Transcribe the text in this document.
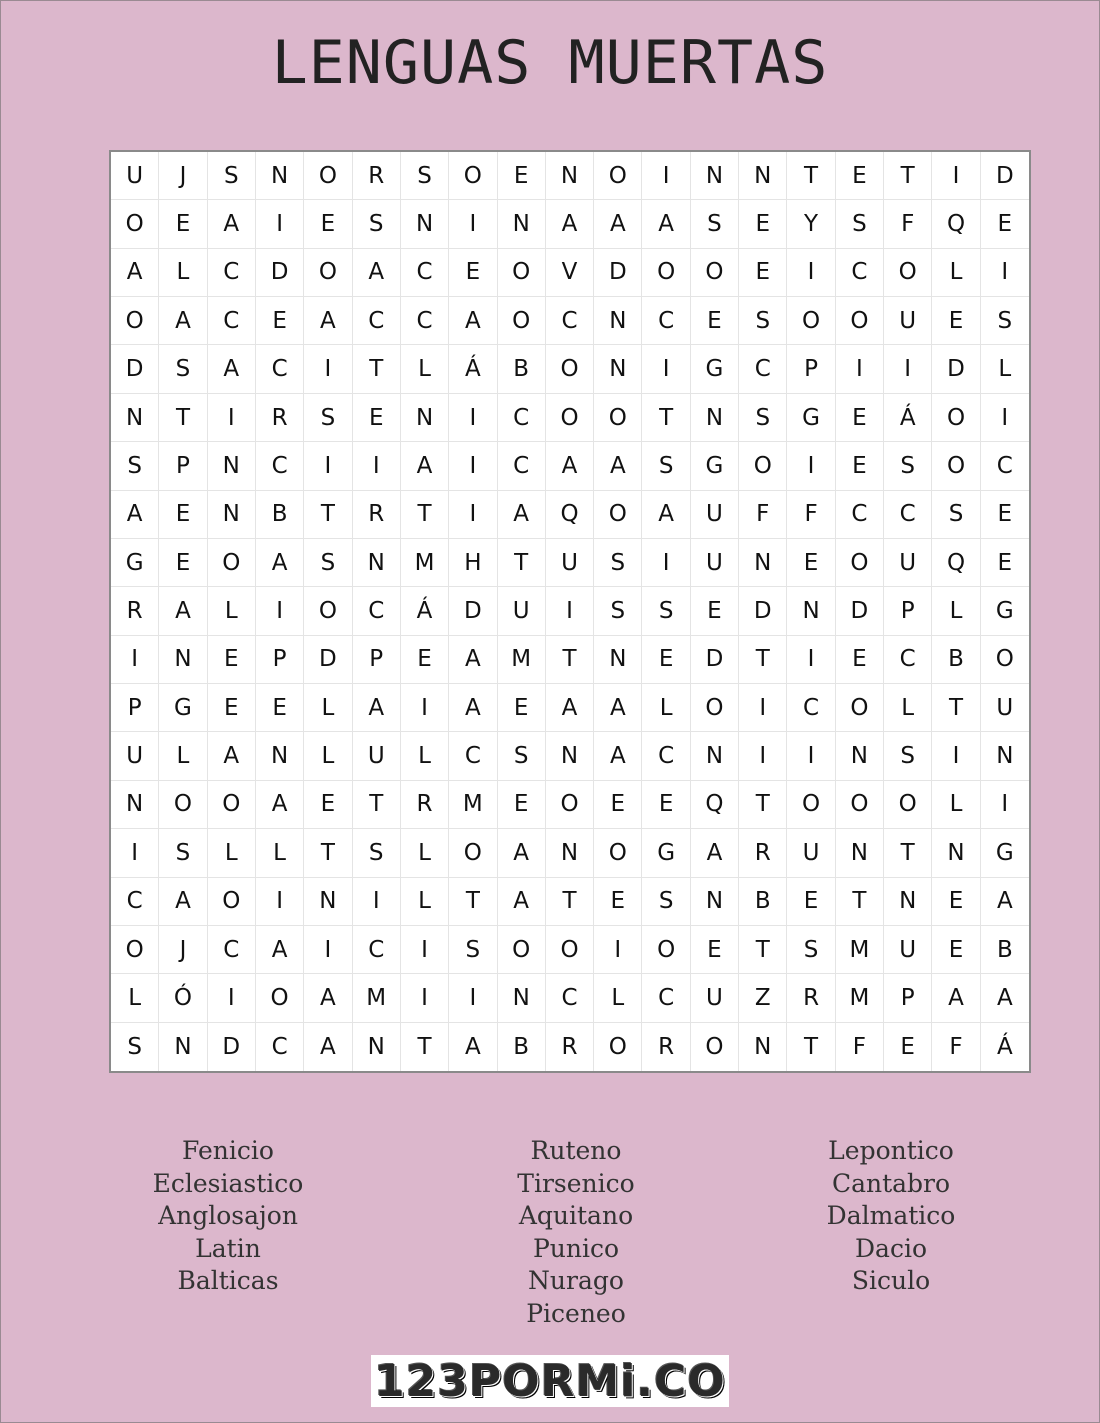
LENGUAS MUERTAS
U	J	S	N	O	R	S	O	E	N	O	I	N	N	T	E	T	I	D
O	E	A	I	E	S	N	I	N	A	A	A	S	E	Y	S	F	Q	E
A	L	C	D	O	A	C	E	O	V	D	O	O	E	I	C	O	L	I
O	A	C	E	A	C	C	A	O	C	N	C	E	S	O	O	U	E	S
D	S	A	C	I	T	L	Á	B	O	N	I	G	C	P	I	I	D	L
N	T	I	R	S	E	N	I	C	O	O	T	N	S	G	E	Á	O	I
S	P	N	C	I	I	A	I	C	A	A	S	G	O	I	E	S	O	C
A	E	N	B	T	R	T	I	A	Q	O	A	U	F	F	C	C	S	E
G	E	O	A	S	N	M	H	T	U	S	I	U	N	E	O	U	Q	E
R	A	L	I	O	C	Á	D	U	I	S	S	E	D	N	D	P	L	G
I	N	E	P	D	P	E	A	M	T	N	E	D	T	I	E	C	B	O
P	G	E	E	L	A	I	A	E	A	A	L	O	I	C	O	L	T	U
U	L	A	N	L	U	L	C	S	N	A	C	N	I	I	N	S	I	N
N	O	O	A	E	T	R	M	E	O	E	E	Q	T	O	O	O	L	I
I	S	L	L	T	S	L	O	A	N	O	G	A	R	U	N	T	N	G
C	A	O	I	N	I	L	T	A	T	E	S	N	B	E	T	N	E	A
O	J	C	A	I	C	I	S	O	O	I	O	E	T	S	M	U	E	B
L	Ó	I	O	A	M	I	I	N	C	L	C	U	Z	R	M	P	A	A
S	N	D	C	A	N	T	A	B	R	O	R	O	N	T	F	E	F	Á
Fenicio
Eclesiastico
Anglosajon
Latin
Balticas
Ruteno
Tirsenico
Aquitano
Punico
Nurago
Piceneo
Lepontico
Cantabro
Dalmatico
Dacio
Siculo
123PORMi.CO
